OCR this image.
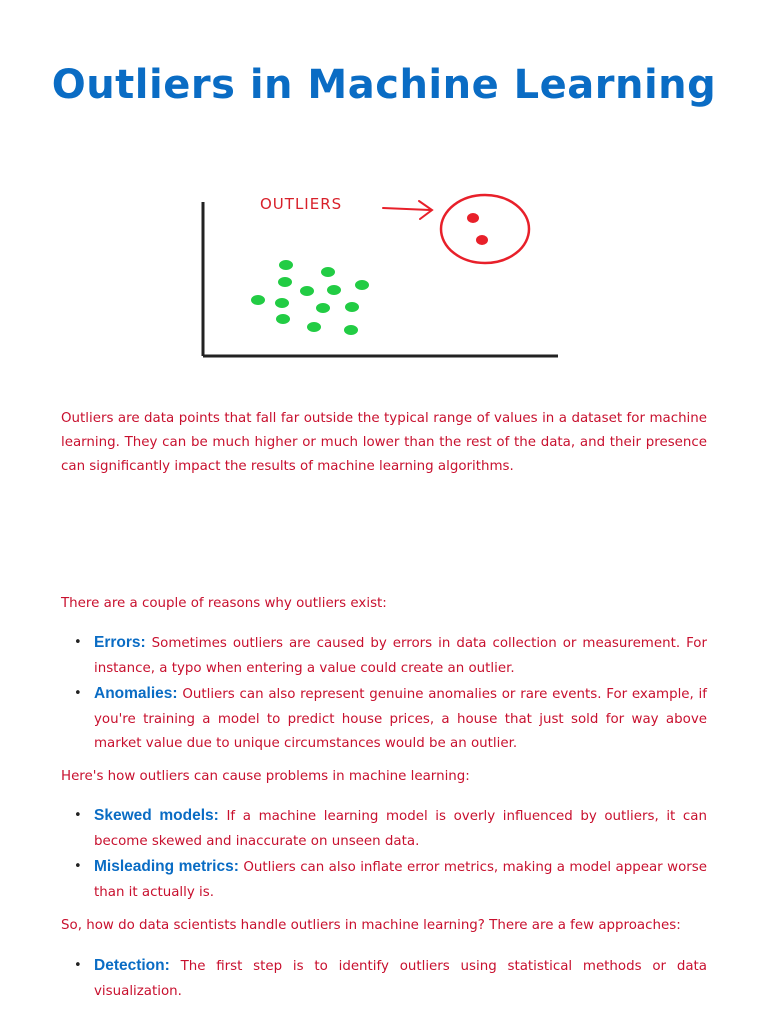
Outliers in Machine Learning
OUTLIERS

Outliers are data points that fall far outside the typical range of values in a dataset for machine learning. They can be much higher or much lower than the rest of the data, and their presence can significantly impact the results of machine learning algorithms.

There are a couple of reasons why outliers exist:

• Errors: Sometimes outliers are caused by errors in data collection or measurement. For instance, a typo when entering a value could create an outlier.
• Anomalies: Outliers can also represent genuine anomalies or rare events. For example, if you're training a model to predict house prices, a house that just sold for way above market value due to unique circumstances would be an outlier.

Here's how outliers can cause problems in machine learning:

• Skewed models: If a machine learning model is overly influenced by outliers, it can become skewed and inaccurate on unseen data.
• Misleading metrics: Outliers can also inflate error metrics, making a model appear worse than it actually is.

So, how do data scientists handle outliers in machine learning? There are a few approaches:

• Detection: The first step is to identify outliers using statistical methods or data visualization.
